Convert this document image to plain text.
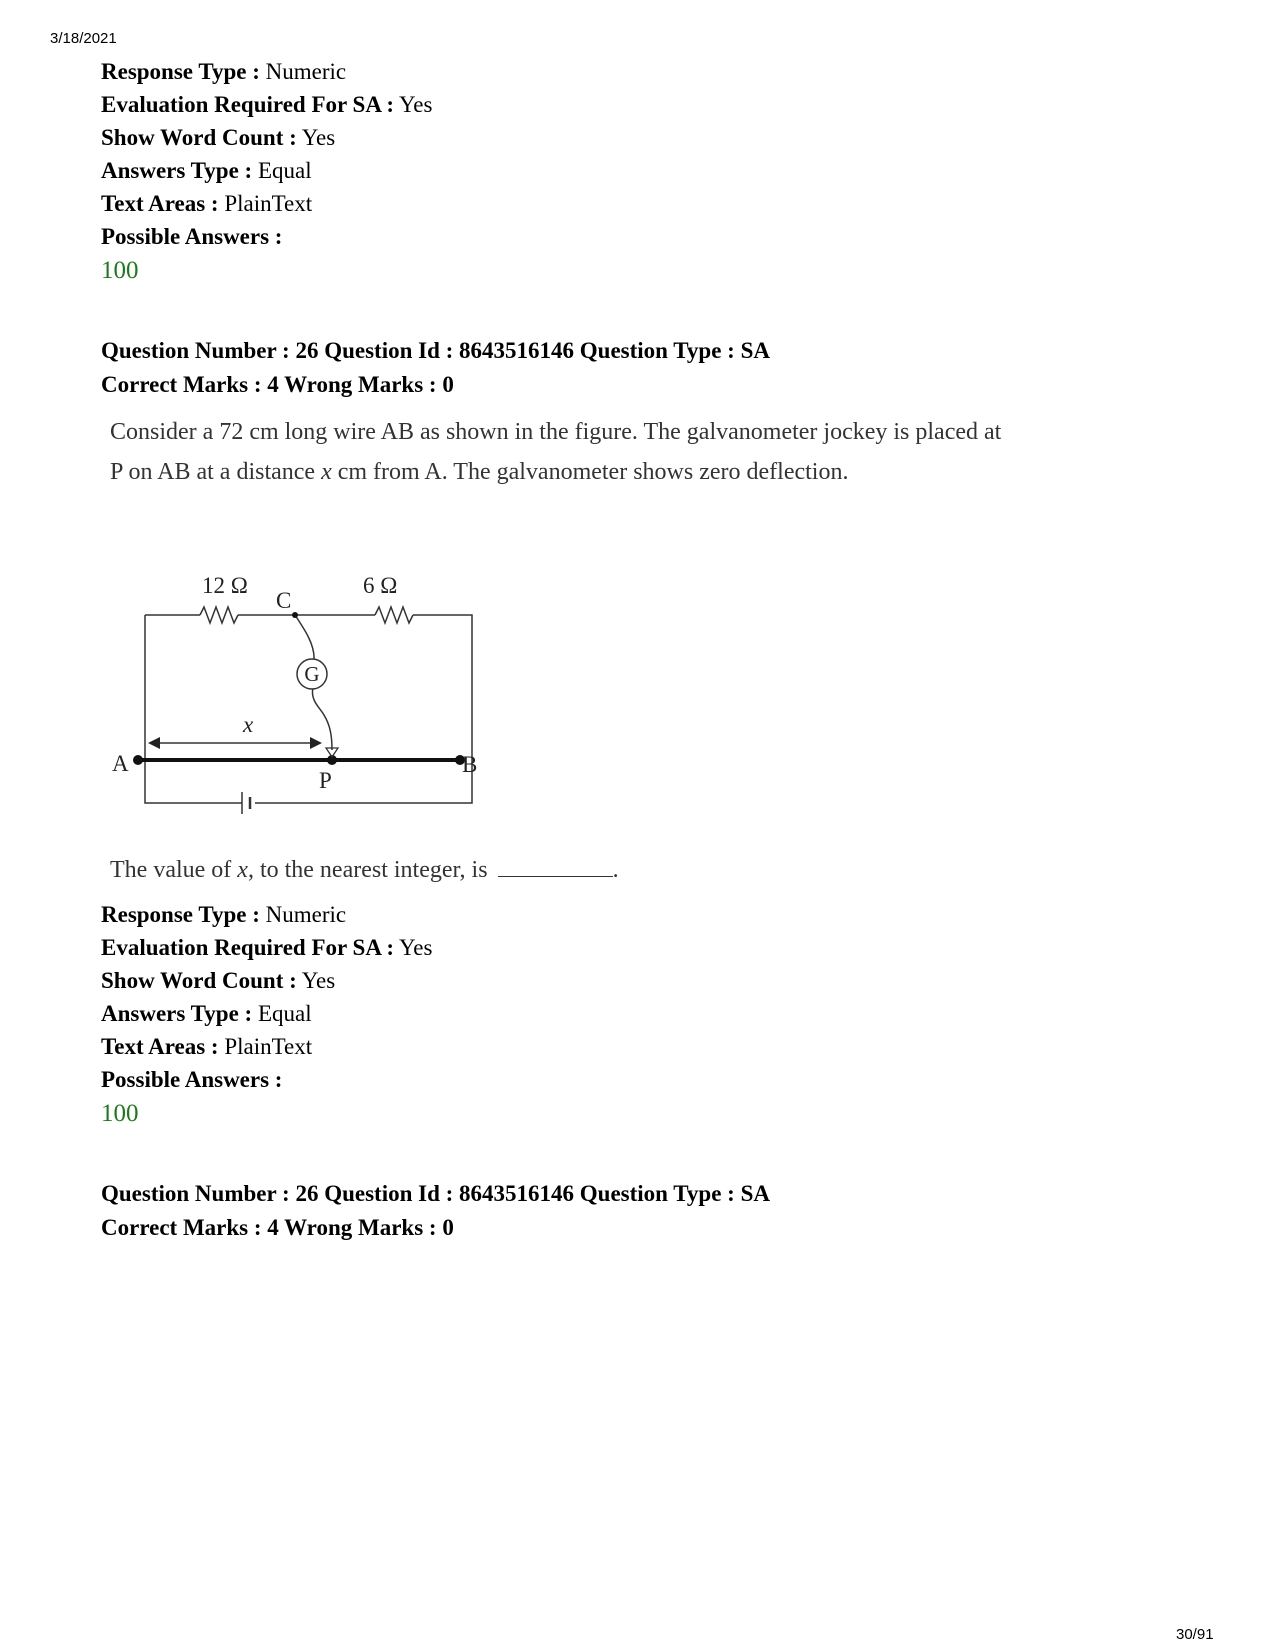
3/18/2021
Response Type : Numeric
Evaluation Required For SA : Yes
Show Word Count : Yes
Answers Type : Equal
Text Areas : PlainText
Possible Answers :
100
Question Number : 26 Question Id : 8643516146 Question Type : SA
Correct Marks : 4 Wrong Marks : 0
Consider a 72 cm long wire AB as shown in the figure. The galvanometer jockey is placed at
P on AB at a distance x cm from A. The galvanometer shows zero deflection.
G
12 Ω	6 Ω
C
x
A	B
P
The value of x, to the nearest integer, is	.
Response Type : Numeric
Evaluation Required For SA : Yes
Show Word Count : Yes
Answers Type : Equal
Text Areas : PlainText
Possible Answers :
100
Question Number : 26 Question Id : 8643516146 Question Type : SA
Correct Marks : 4 Wrong Marks : 0
30/91
